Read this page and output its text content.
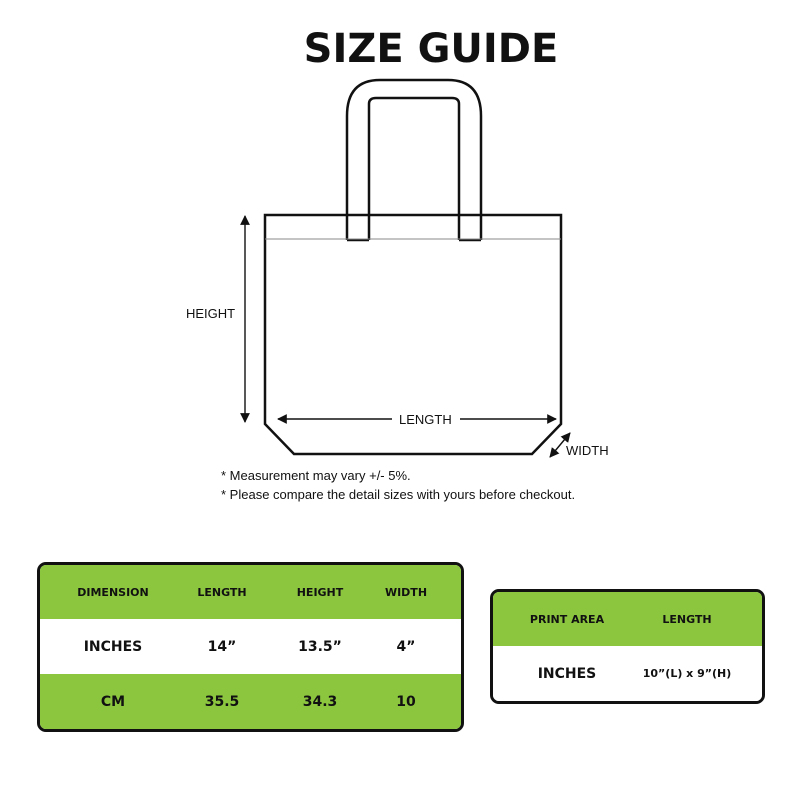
SIZE GUIDE
HEIGHT
LENGTH
WIDTH
* Measurement may vary +/- 5%.
* Please compare the detail sizes with yours before checkout.
DIMENSION	LENGTH	HEIGHT	WIDTH
INCHES	14”	13.5”	4”
CM	35.5	34.3	10
PRINT AREA	LENGTH
INCHES	10”(L) x 9”(H)
